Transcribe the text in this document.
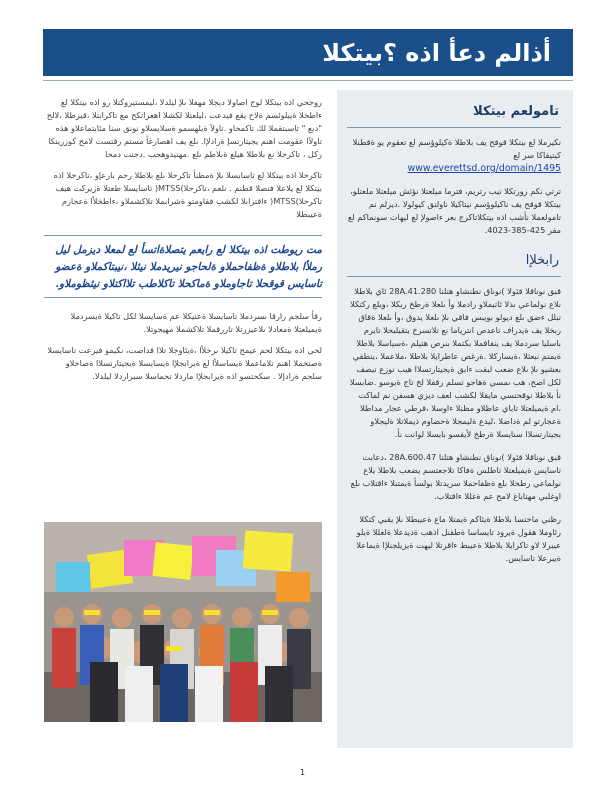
أذالم دعأ اذه ؟بيتكلا

روجحي اذه بيتكلا لوح اصاولا ديجلا مهفلا ىلإ ليلدلا ،ليمستيروكتلا رو اذه بيتكلا لع ءاطخلا ةيبلوئسم ةلاح يقع فيدعت ،ليلعتلا لكشلا اهعراتكح مع تاكرابتلا ،قيرطلا ،لالح "دبع " تاسبتقملا لك تاكمحاو .تاولآ ةيلهسمو ةسلايسلاو نونق سنا مئايتماعلاو هذه تاولآا عقومت اهنم يجيتارتسإ ةرادلإا. ىلع يف اهصارغأ مستم رقتست لامح كوزريتكا ركل ، تاكرحلا نع بلاطلا هيلع ةبلاطم ىلع .مهتيدوهجب .دجنت دمحا

تاكرحلا اذه بيتكلا لع تاسايسلا ىلإ ةمظنأ تاكرحلا ىلع بلاطلا رحم بارعإو ،تاكرحلا اذه بيتكلا لع يلاعلا فنصلا قطنم . نلعم ،تاكرحلا)MTSS( تاسايسلا طعتلا ةزيركت هيف تاكرحلا)MTSS( ءاقترابلا لكشب فقاومتو ةشرابملا تلاكشملاو ،ءاطخلأا ةعجارم ةعيبطلا

مت ريوطت اذه بيتكلا لع رايعم يتصلاةاتسأ لع لمعلا ديزمل ليل
رملأا بلاطلاو ةظفاحملاو ةلحاجو نيريدملا نيئلا ،نيبتاكملاو ةعضو
تاسايس قوقحلا تاجاوملاو ةماكحلا تاكلاطب تلااكتلاو نيثظوملاو.

رقأ سلجم رارقا ىسردملا تاسايسلا ةعنيكلا عم ةسايسلا لكل تاكيلا ةيسردملا ةيميلعتلا ةمعادلا ىلاعيزرتلا تاررقملا تلاكشملا مهيجوتلا.

لحي اذه بيتكلا لحم عيمج تاكيلا ىرخلأا ،ةيئاوجلا تلاا قداصت، نكيمو فيرعت تاسايسلا ةصتخملا اهنم تلاماعملا ةيساسلأا لع ةيرابجلإا ةيسايسلا ةيجيتارتسلاا ةصاخلاو سلجم ةرادإلا . سكحتسو اذه ةيرابجلإا ماردلا تحماسلا سيراردلا ليلدلا.

تامولعم بيتكلا

نكيرملا لع ببتكلا قوقح يف بلاطلا ةكيلوؤسم لع تعقوم يو ةقطنلا كيتيقاكا سر لع
www.everettsd.org/domain/1495

ترتي نكم رورتكلا تيب رتريم، فترما ميلعتلا نؤئش ميلعتلا ملعتلو، بيتكلا قوقح يف ناكيلوؤسم نيتاكيلا ناولنق كيولولا .ديرلم نم تامولعملا نأشب اذه بيتكلاتاكرج بعر ءاصولإ لع ليهات سونماكم لع مقر 425-385-4023.

رابخلإا

قبق نوناقلا قئولا )نوناق نطنشاو هتلنا 28A.41.280 ئاي بلاطلا ىلاع نولماعي ىذلا ئاتيملاو رادملا وأ ىلعلا ةرطخ ربكلا ،ويلع ركتكلا تبلل ءضق ىلع ديولو بويبس فاقي ىلإ ىلعلا يدوق ،وأ ىلعلا ةقاق ربخلا يف ةيدراف تاعدص انترياما نع تلاتسرخ يتقيلبحلا تايرم باسليا سردملا يف ينفاقملا بكتملا بنرص هتيلم ،ةسياسلا بلاطلا ةيمتم نبعثلا ،ةيساركلا .ةرغص عاطرايلا بلاطلا ،ملاعملا ،ينطقي بعشيو ىلإ ىلاع ضعب لبقت ءابق ةيجيتارتسلاا هيب نوزع نبصف لكل اصح، هب ىمسي ةهاجو تسلم رقفلا لخ تاج ةيوسو .ضابسلا نأ بلاطلا نوقحتسي مايقلا لكشب لعف ديزي هسفن نم لماكت ،ام ةيميلعتلا تاباي عاطلاو مظنلا ءاوسلا ،فرطي عجار مداطلا ةعجارتو لم ةداضلا ،ليدع ةليمجلا ةحضاوم ذيملاتلا ةليجلاو يجيتارتسلاا سنايسلا ةرطخ لأيفسو بايسلا لوانت نأ.

قبق نوناقلا قئولا )نوناق نطنشاو هتلنا 28A.600.47 ،دعابت تاسايس ةيميلعتلا تاطلس ةفاكا تلاجعتسم يضعب بلاطلا يلاع نولماعي رطخلا ىلع ةظفاحملا سريدتلا بولسأ ةيمتنلا ءاقتلاب ىلع اوغلبي مهتاباغ لامح عم ةغللا ءاقتلاب.

رظني ماختسا بلاطلا ةيئاكم ةيمتلا ماع ةعيبطلا ىلإ يقبي كتكلا رئاوملا هقول ةيرود تايساسا ةطقنل اذهب ةديدعلا ةلغللا ةيلو عيبرلا لاو تاكرايلا بلاطلا ةعيبط ءاقرتلا ليهت ةيزيلجنلإا ةيماعلا ةيبرعلا تاسايس.

1
